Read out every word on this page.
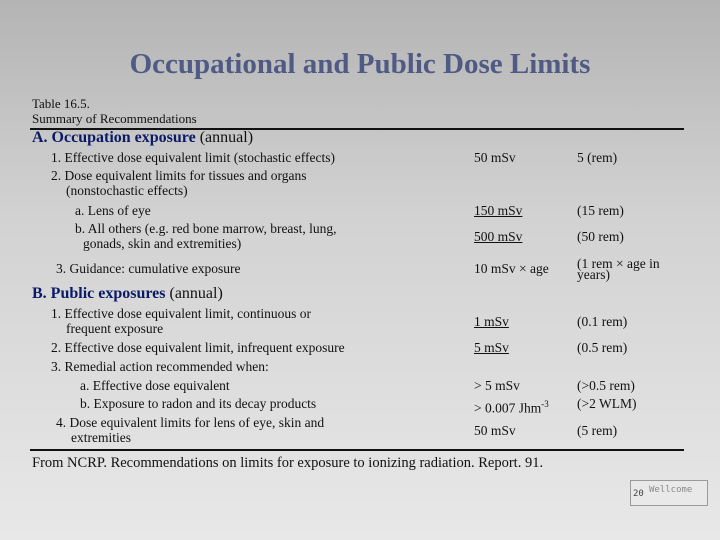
Occupational and Public Dose Limits
Table 16.5.
Summary of Recommendations
A. Occupation exposure (annual)
1. Effective dose equivalent limit (stochastic effects)
2. Dose equivalent limits for tissues and organs
(nonstochastic effects)
a. Lens of eye
b. All others (e.g. red bone marrow, breast, lung,
gonads, skin and extremities)
3. Guidance: cumulative exposure
50 mSv
150 mSv
500 mSv
10 mSv × age
5 (rem)
(15 rem)
(50 rem)
(1 rem × age in
years)
B. Public exposures (annual)
1. Effective dose equivalent limit, continuous or
frequent exposure
2. Effective dose equivalent limit, infrequent exposure
3. Remedial action recommended when:
a. Effective dose equivalent
b. Exposure to radon and its decay products
4. Dose equivalent limits for lens of eye, skin and
extremities
1 mSv
5 mSv
> 5 mSv
> 0.007 Jhm$^{-3}$
50 mSv
(0.1 rem)
(0.5 rem)
(>0.5 rem)
(>2 WLM)
(5 rem)
From NCRP. Recommendations on limits for exposure to ionizing radiation. Report. 91.
20 Wellcome
